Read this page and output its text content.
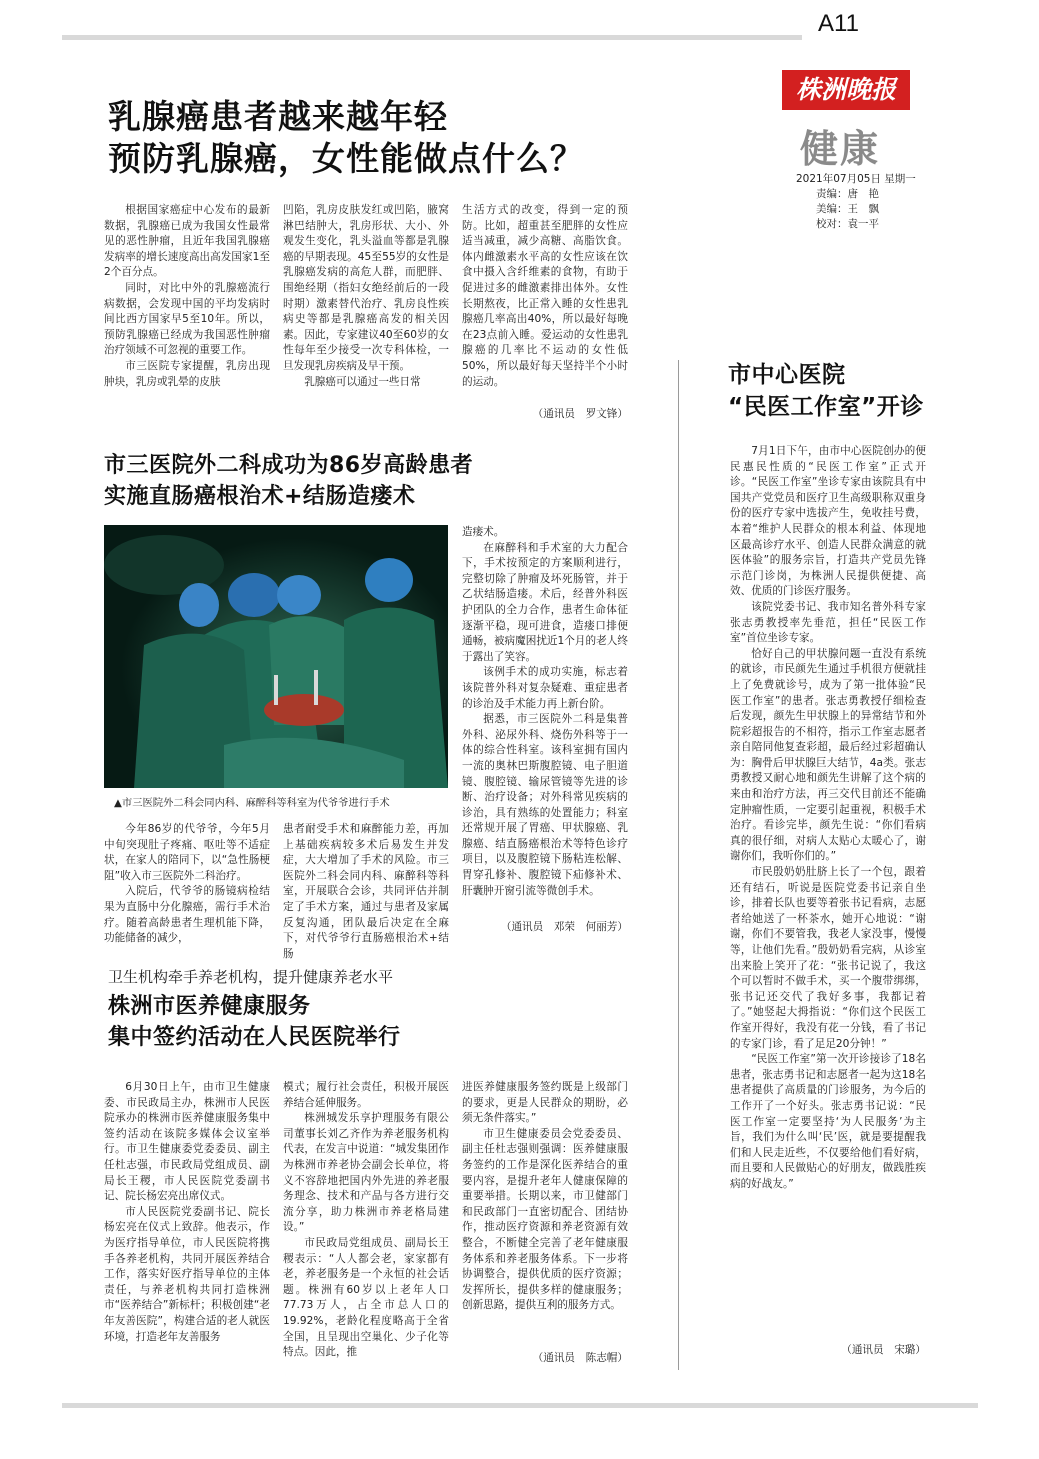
A11
株洲晚报
健康
2021年07月05日 星期一
责编：唐　艳
美编：王　飘
校对：袁一平
乳腺癌患者越来越年轻
预防乳腺癌，女性能做点什么？

根据国家癌症中心发布的最新数据，乳腺癌已成为我国女性最常见的恶性肿瘤，且近年我国乳腺癌发病率的增长速度高出高发国家1至2个百分点。

同时，对比中外的乳腺癌流行病数据，会发现中国的平均发病时间比西方国家早5至10年。所以，预防乳腺癌已经成为我国恶性肿瘤治疗领域不可忽视的重要工作。

市三医院专家提醒，乳房出现肿块，乳房或乳晕的皮肤

凹陷，乳房皮肤发红或凹陷，腋窝淋巴结肿大，乳房形状、大小、外观发生变化，乳头溢血等都是乳腺癌的早期表现。45至55岁的女性是乳腺癌发病的高危人群，而肥胖、围绝经期（指妇女绝经前后的一段时期）激素替代治疗、乳房良性疾病史等都是乳腺癌高发的相关因素。因此，专家建议40至60岁的女性每年至少接受一次专科体检，一旦发现乳房疾病及早干预。

乳腺癌可以通过一些日常

生活方式的改变，得到一定的预防。比如，超重甚至肥胖的女性应适当减重，减少高糖、高脂饮食。体内雌激素水平高的女性应该在饮食中摄入含纤维素的食物，有助于促进过多的雌激素排出体外。女性长期熬夜，比正常入睡的女性患乳腺癌几率高出40%，所以最好每晚在23点前入睡。爱运动的女性患乳腺癌的几率比不运动的女性低50%，所以最好每天坚持半个小时的运动。

（通讯员　罗文锋）
市三医院外二科成功为86岁高龄患者
实施直肠癌根治术+结肠造瘘术
▲市三医院外二科会同内科、麻醉科等科室为代爷爷进行手术

今年86岁的代爷爷，今年5月中旬突现肚子疼痛、呕吐等不适症状，在家人的陪同下，以“急性肠梗阻”收入市三医院外二科治疗。

入院后，代爷爷的肠镜病检结果为直肠中分化腺癌，需行手术治疗。随着高龄患者生理机能下降，功能储备的减少，

患者耐受手术和麻醉能力差，再加上基础疾病较多术后易发生并发症，大大增加了手术的风险。市三医院外二科会同内科、麻醉科等科室，开展联合会诊，共同评估并制定了手术方案，通过与患者及家属反复沟通，团队最后决定在全麻下，对代爷爷行直肠癌根治术+结肠

造瘘术。

在麻醉科和手术室的大力配合下，手术按预定的方案顺利进行，完整切除了肿瘤及坏死肠管，并于乙状结肠造瘘。术后，经普外科医护团队的全力合作，患者生命体征逐渐平稳，现可进食，造瘘口排便通畅，被病魔困扰近1个月的老人终于露出了笑容。

该例手术的成功实施，标志着该院普外科对复杂疑难、重症患者的诊治及手术能力再上新台阶。

据悉，市三医院外二科是集普外科、泌尿外科、烧伤外科等于一体的综合性科室。该科室拥有国内一流的奥林巴斯腹腔镜、电子胆道镜、腹腔镜、输尿管镜等先进的诊断、治疗设备；对外科常见疾病的诊治，具有熟练的处置能力；科室还常规开展了胃癌、甲状腺癌、乳腺癌、结直肠癌根治术等特色诊疗项目，以及腹腔镜下肠粘连松解、胃穿孔修补、腹腔镜下疝修补术、肝囊肿开窗引流等微创手术。

（通讯员　邓荣　何丽芳）
卫生机构牵手养老机构，提升健康养老水平
株洲市医养健康服务
集中签约活动在人民医院举行

6月30日上午，由市卫生健康委、市民政局主办，株洲市人民医院承办的株洲市医养健康服务集中签约活动在该院多媒体会议室举行。市卫生健康委党委委员、副主任杜志强，市民政局党组成员、副局长王稷，市人民医院党委副书记、院长杨宏亮出席仪式。

市人民医院党委副书记、院长杨宏亮在仪式上致辞。他表示，作为医疗指导单位，市人民医院将携手各养老机构，共同开展医养结合工作，落实好医疗指导单位的主体责任，与养老机构共同打造株洲市“医养结合”新标杆；积极创建“老年友善医院”，构建合适的老人就医环境，打造老年友善服务

模式；履行社会责任，积极开展医养结合延伸服务。

株洲城发乐享护理服务有限公司董事长刘乙齐作为养老服务机构代表，在发言中说道：“城发集团作为株洲市养老协会副会长单位，将义不容辞地把国内外先进的养老服务理念、技术和产品与各方进行交流分享，助力株洲市养老格局建设。”

市民政局党组成员、副局长王稷表示：“人人都会老，家家都有老，养老服务是一个永恒的社会话题。株洲有60岁以上老年人口77.73万人，占全市总人口的19.92%，老龄化程度略高于全省全国，且呈现出空巢化、少子化等特点。因此，推

进医养健康服务签约既是上级部门的要求，更是人民群众的期盼，必须无条件落实。”

市卫生健康委员会党委委员、副主任杜志强则强调：医养健康服务签约的工作是深化医养结合的重要内容，是提升老年人健康保障的重要举措。长期以来，市卫健部门和民政部门一直密切配合、团结协作，推动医疗资源和养老资源有效整合，不断健全完善了老年健康服务体系和养老服务体系。下一步将协调整合，提供优质的医疗资源；发挥所长，提供多样的健康服务；创新思路，提供互利的服务方式。

（通讯员　陈志帽）
市中心医院
“民医工作室”开诊

7月1日下午，由市中心医院创办的便民惠民性质的“民医工作室”正式开诊。“民医工作室”坐诊专家由该院具有中国共产党党员和医疗卫生高级职称双重身份的医疗专家中选拔产生，免收挂号费，本着“维护人民群众的根本利益、体现地区最高诊疗水平、创造人民群众满意的就医体验”的服务宗旨，打造共产党员先锋示范门诊岗，为株洲人民提供便捷、高效、优质的门诊医疗服务。

该院党委书记、我市知名普外科专家张志勇教授率先垂范，担任“民医工作室”首位坐诊专家。

恰好自己的甲状腺问题一直没有系统的就诊，市民颜先生通过手机很方便就挂上了免费就诊号，成为了第一批体验“民医工作室”的患者。张志勇教授仔细检查后发现，颜先生甲状腺上的异常结节和外院彩超报告的不相符，指示工作室志愿者亲自陪同他复查彩超，最后经过彩超确认为：胸骨后甲状腺巨大结节，4a类。张志勇教授又耐心地和颜先生讲解了这个病的来由和治疗方法，再三交代目前还不能确定肿瘤性质，一定要引起重视，积极手术治疗。看诊完毕，颜先生说：“你们看病真的很仔细，对病人太贴心太暖心了，谢谢你们，我听你们的。”

市民殷奶奶肚脐上长了一个包，跟着还有结石，听说是医院党委书记亲自坐诊，排着长队也要等着张书记看病，志愿者给她送了一杯茶水，她开心地说：“谢谢，你们不要管我，我老人家没事，慢慢等，让他们先看。”殷奶奶看完病，从诊室出来脸上笑开了花：“张书记说了，我这个可以暂时不做手术，买一个腹带绑绑，张书记还交代了我好多事，我都记着了。”她竖起大拇指说：“你们这个民医工作室开得好，我没有花一分钱，看了书记的专家门诊，看了足足20分钟！”

“民医工作室”第一次开诊接诊了18名患者，张志勇书记和志愿者一起为这18名患者提供了高质量的门诊服务，为今后的工作开了一个好头。张志勇书记说：“民医工作室一定要坚持‘为人民服务’为主旨，我们为什么叫‘民’医，就是要提醒我们和人民走近些，不仅要给他们看好病，而且要和人民做贴心的好朋友，做践胜疾病的好战友。”

（通讯员　宋璐）
